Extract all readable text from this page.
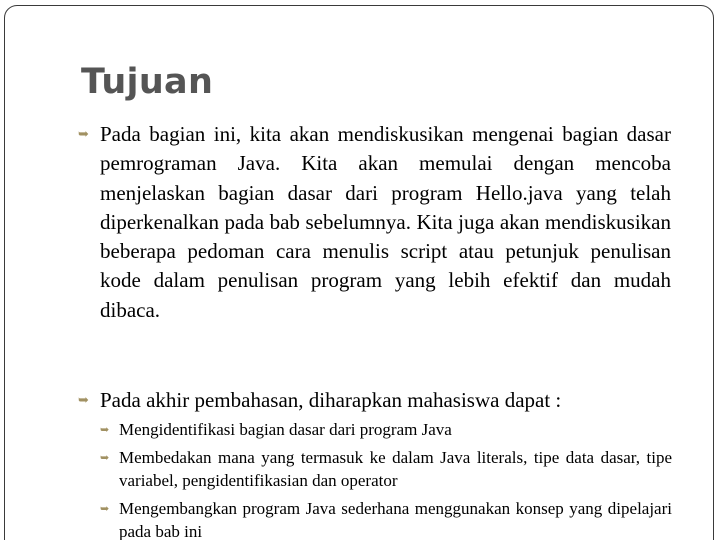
Tujuan
➥ Pada bagian ini, kita akan mendiskusikan mengenai bagian dasar pemrograman Java. Kita akan memulai dengan mencoba menjelaskan bagian dasar dari program Hello.java yang telah diperkenalkan pada bab sebelumnya. Kita juga akan mendiskusikan beberapa pedoman cara menulis script atau petunjuk penulisan kode dalam penulisan program yang lebih efektif dan mudah dibaca.
➥ Pada akhir pembahasan, diharapkan mahasiswa dapat :
➥ Mengidentifikasi bagian dasar dari program Java
➥ Membedakan mana yang termasuk ke dalam Java literals, tipe data dasar, tipe variabel, pengidentifikasian dan operator
➥ Mengembangkan program Java sederhana menggunakan konsep yang dipelajari pada bab ini
